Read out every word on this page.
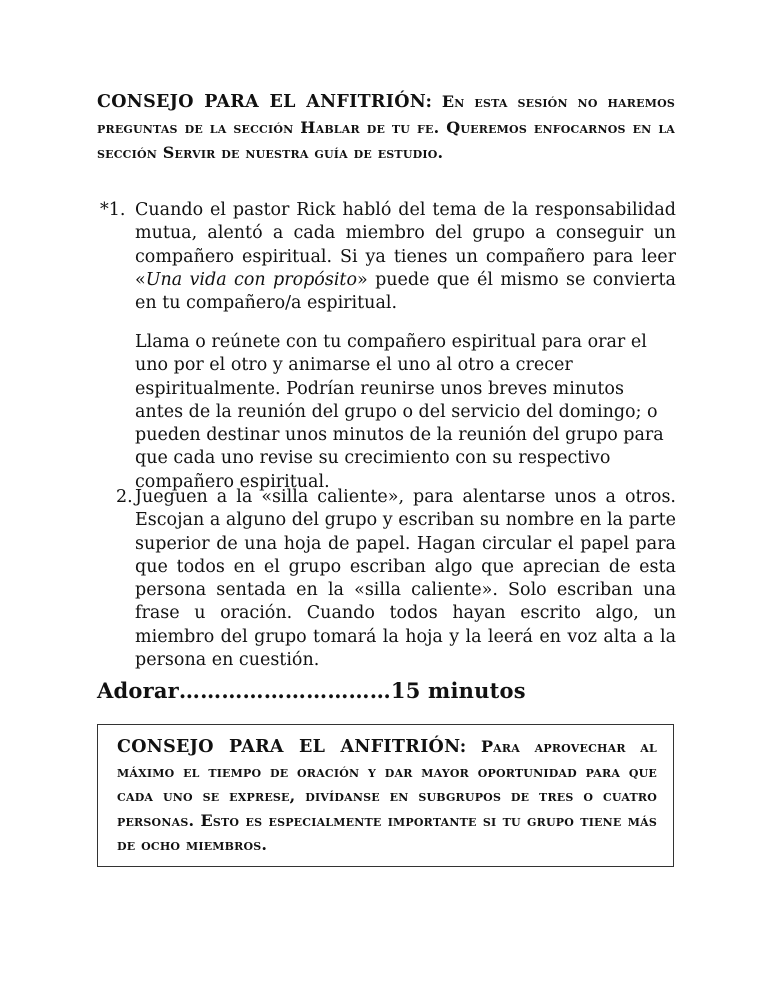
CONSEJO PARA EL ANFITRIÓN: En esta sesión no haremos preguntas de la sección Hablar de tu fe. Queremos enfocarnos en la sección Servir de nuestra guía de estudio.
*1. Cuando el pastor Rick habló del tema de la responsabilidad mutua, alentó a cada miembro del grupo a conseguir un compañero espiritual. Si ya tienes un compañero para leer «Una vida con propósito» puede que él mismo se convierta en tu compañero/a espiritual.
Llama o reúnete con tu compañero espiritual para orar el uno por el otro y animarse el uno al otro a crecer espiritualmente. Podrían reunirse unos breves minutos antes de la reunión del grupo o del servicio del domingo; o pueden destinar unos minutos de la reunión del grupo para que cada uno revise su crecimiento con su respectivo compañero espiritual.
2. Jueguen a la «silla caliente», para alentarse unos a otros. Escojan a alguno del grupo y escriban su nombre en la parte superior de una hoja de papel. Hagan circular el papel para que todos en el grupo escriban algo que aprecian de esta persona sentada en la «silla caliente». Solo escriban una frase u oración. Cuando todos hayan escrito algo, un miembro del grupo tomará la hoja y la leerá en voz alta a la persona en cuestión.
Adorar…………………………15 minutos
CONSEJO PARA EL ANFITRIÓN: Para aprovechar al máximo el tiempo de oración y dar mayor oportunidad para que cada uno se exprese, divídanse en subgrupos de tres o cuatro personas. Esto es especialmente importante si tu grupo tiene más de ocho miembros.
